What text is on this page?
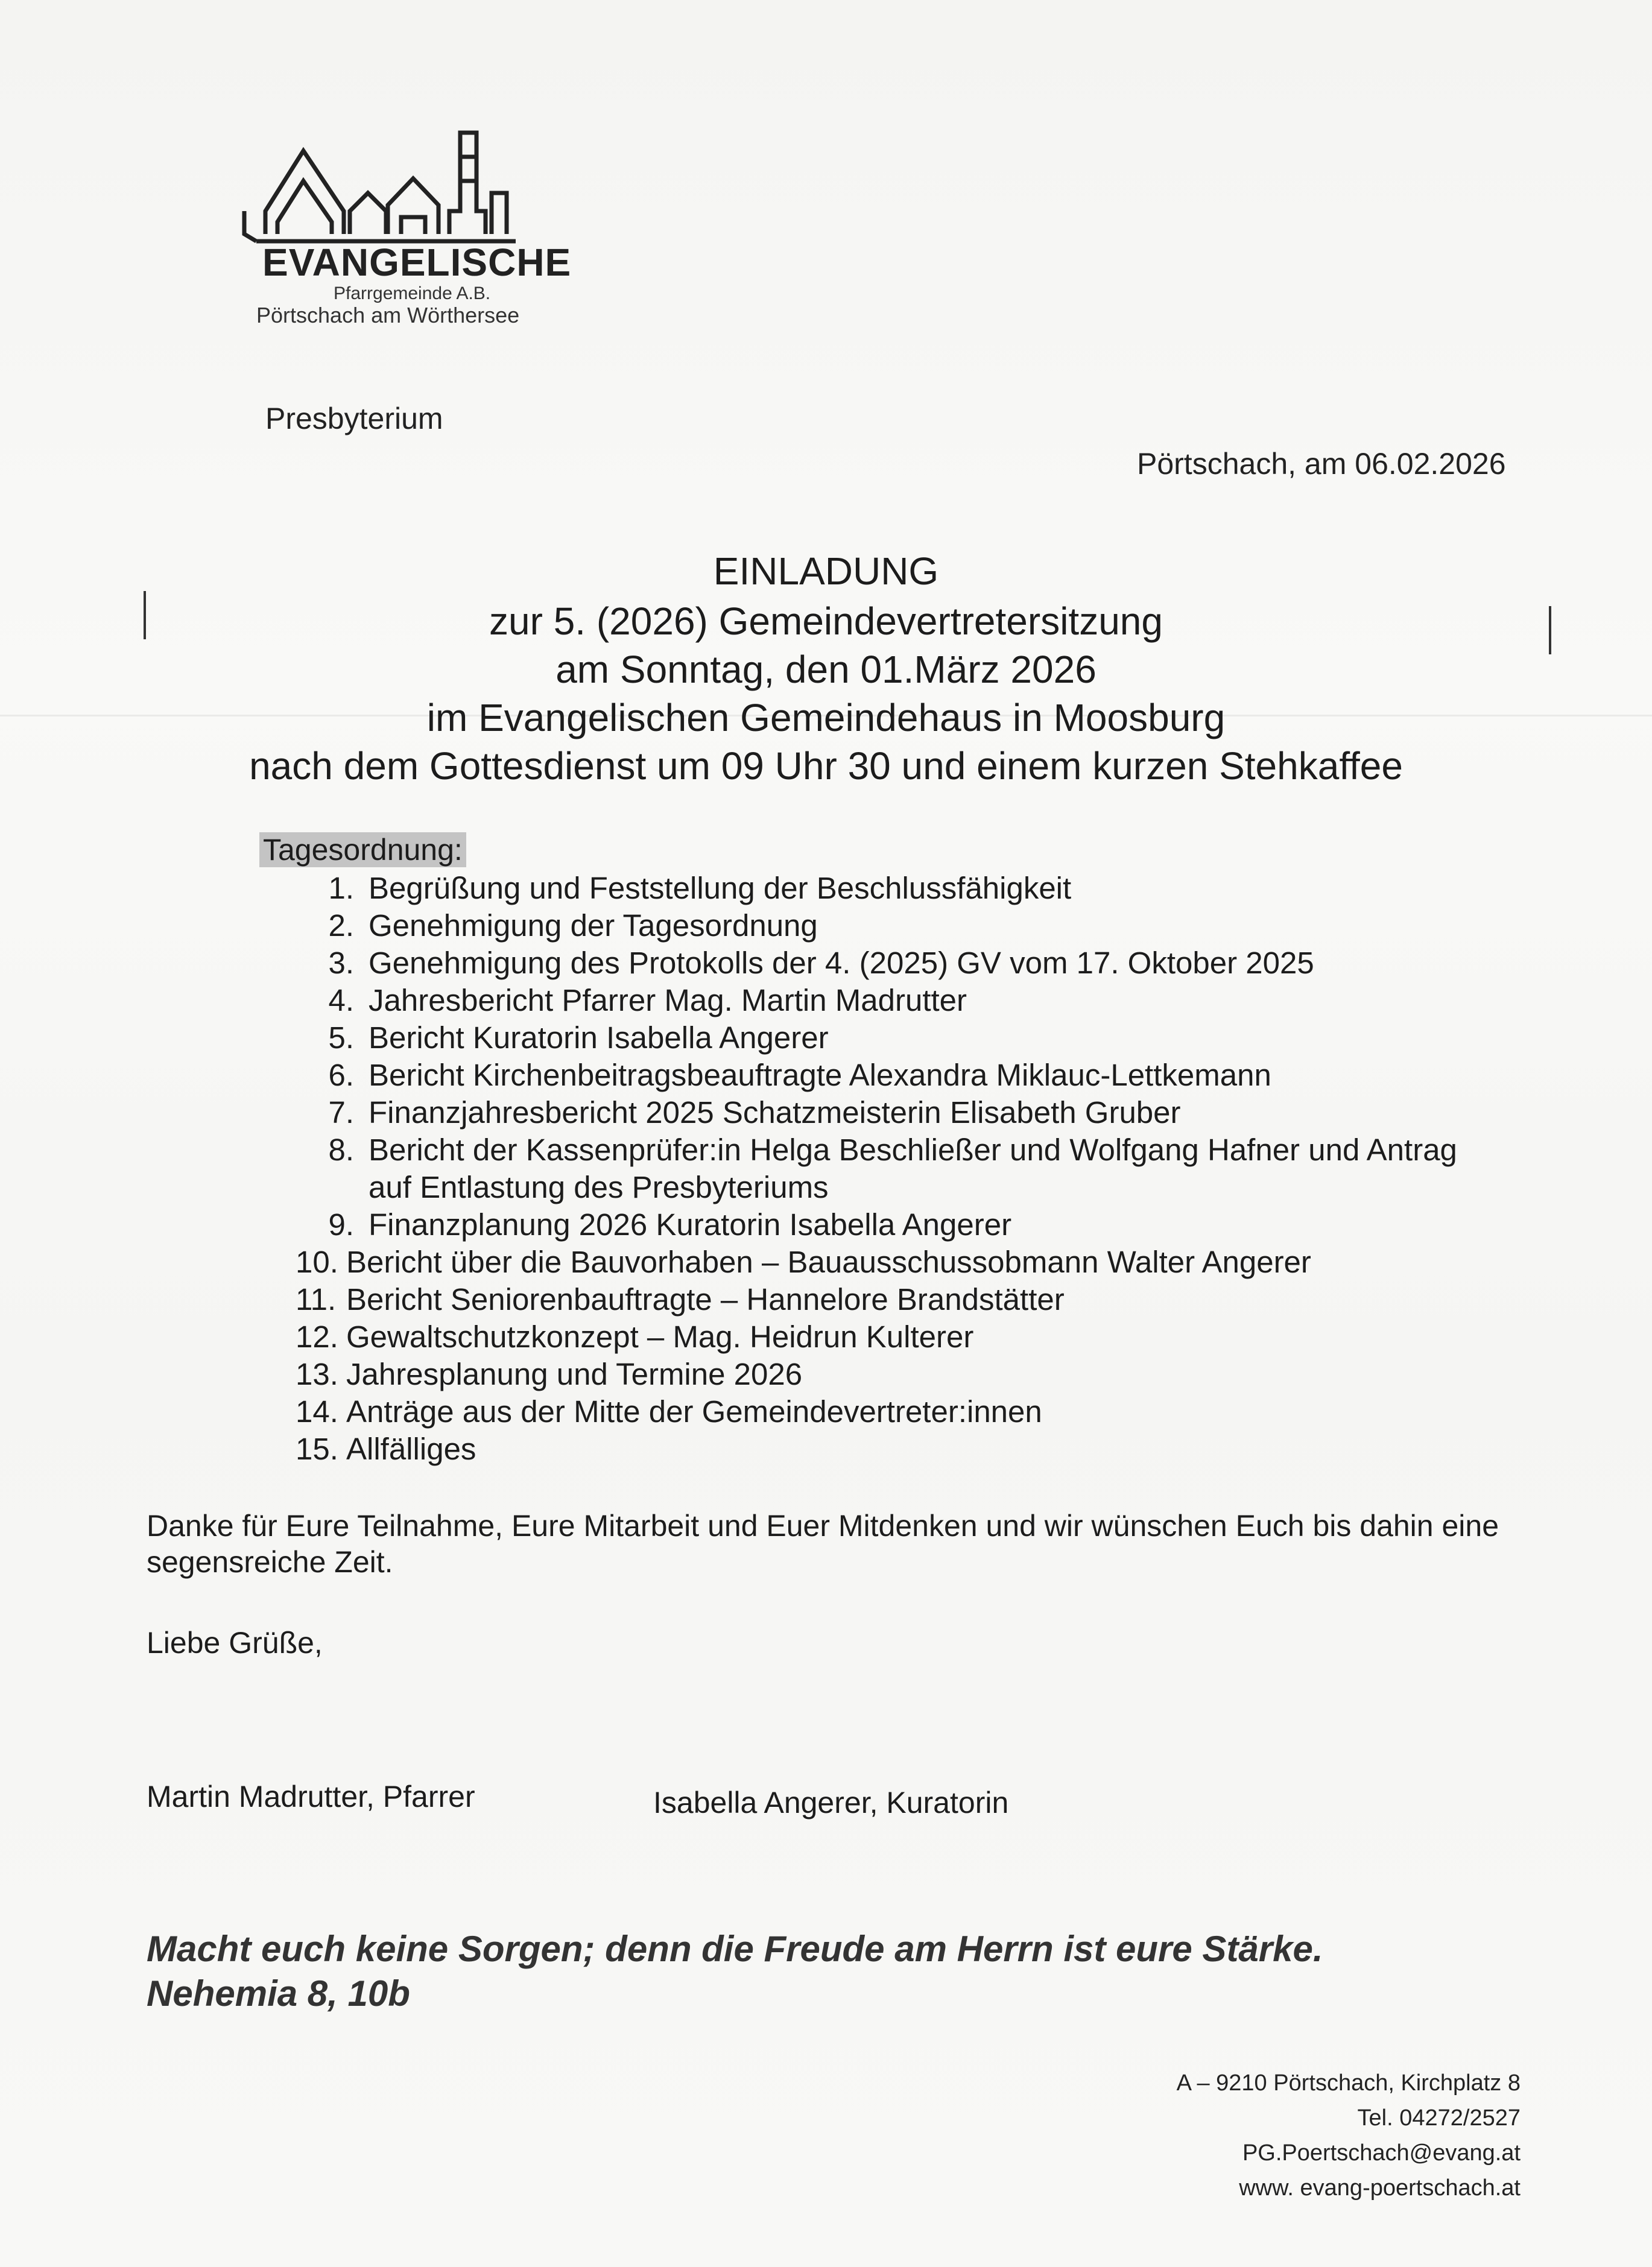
EVANGELISCHE
Pfarrgemeinde A.B.
Pörtschach am Wörthersee
Presbyterium
Pörtschach, am 06.02.2026
EINLADUNG
zur 5. (2026) Gemeindevertretersitzung
am Sonntag, den 01.März 2026
im Evangelischen Gemeindehaus in Moosburg
nach dem Gottesdienst um 09 Uhr 30 und einem kurzen Stehkaffee
Tagesordnung:
1. Begrüßung und Feststellung der Beschlussfähigkeit
2. Genehmigung der Tagesordnung
3. Genehmigung des Protokolls der 4. (2025) GV vom 17. Oktober 2025
4. Jahresbericht Pfarrer Mag. Martin Madrutter
5. Bericht Kuratorin Isabella Angerer
6. Bericht Kirchenbeitragsbeauftragte Alexandra Miklauc-Lettkemann
7. Finanzjahresbericht 2025 Schatzmeisterin Elisabeth Gruber
8. Bericht der Kassenprüfer:in Helga Beschließer und Wolfgang Hafner und Antrag
auf Entlastung des Presbyteriums
9. Finanzplanung 2026 Kuratorin Isabella Angerer
10. Bericht über die Bauvorhaben – Bauausschussobmann Walter Angerer
11. Bericht Seniorenbauftragte – Hannelore Brandstätter
12. Gewaltschutzkonzept – Mag. Heidrun Kulterer
13. Jahresplanung und Termine 2026
14. Anträge aus der Mitte der Gemeindevertreter:innen
15. Allfälliges
Danke für Eure Teilnahme, Eure Mitarbeit und Euer Mitdenken und wir wünschen Euch bis dahin eine segensreiche Zeit.
Liebe Grüße,
Martin Madrutter, Pfarrer	Isabella Angerer, Kuratorin
Macht euch keine Sorgen; denn die Freude am Herrn ist eure Stärke.
Nehemia 8, 10b
A – 9210 Pörtschach, Kirchplatz 8
Tel. 04272/2527
PG.Poertschach@evang.at
www. evang-poertschach.at
